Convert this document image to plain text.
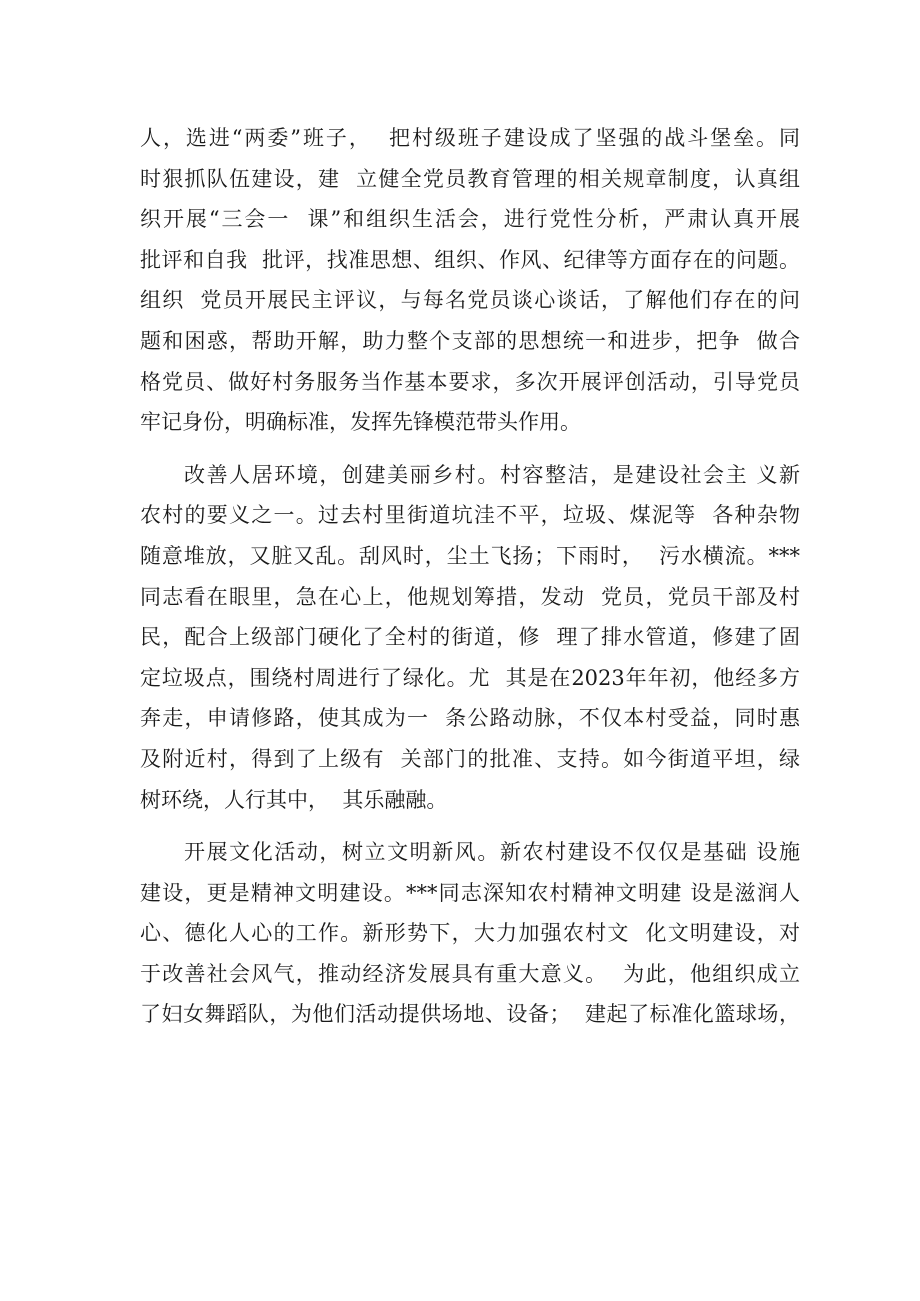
人，选进“两委”班子，  把村级班子建设成了坚强的战斗堡垒。同
时狠抓队伍建设，建  立健全党员教育管理的相关规章制度，认真组
织开展“三会一  课”和组织生活会，进行党性分析，严肃认真开展
批评和自我  批评，找准思想、组织、作风、纪律等方面存在的问题。
组织  党员开展民主评议，与每名党员谈心谈话，了解他们存在的问
题和困惑，帮助开解，助力整个支部的思想统一和进步，把争  做合
格党员、做好村务服务当作基本要求，多次开展评创活动，引导党员
牢记身份，明确标准，发挥先锋模范带头作用。
改善人居环境，创建美丽乡村。村容整洁，是建设社会主 义新
农村的要义之一。过去村里街道坑洼不平，垃圾、煤泥等  各种杂物
随意堆放，又脏又乱。刮风时，尘土飞扬；下雨时，  污水横流。***
同志看在眼里，急在心上，他规划筹措，发动  党员，党员干部及村
民，配合上级部门硬化了全村的街道，修  理了排水管道，修建了固
定垃圾点，围绕村周进行了绿化。尤  其是在2023年年初，他经多方
奔走，申请修路，使其成为一  条公路动脉，不仅本村受益，同时惠
及附近村，得到了上级有  关部门的批准、支持。如今街道平坦，绿
树环绕，人行其中，  其乐融融。
开展文化活动，树立文明新风。新农村建设不仅仅是基础 设施
建设，更是精神文明建设。***同志深知农村精神文明建 设是滋润人
心、德化人心的工作。新形势下，大力加强农村文  化文明建设，对
于改善社会风气，推动经济发展具有重大意义。  为此，他组织成立
了妇女舞蹈队，为他们活动提供场地、设备；  建起了标准化篮球场，
